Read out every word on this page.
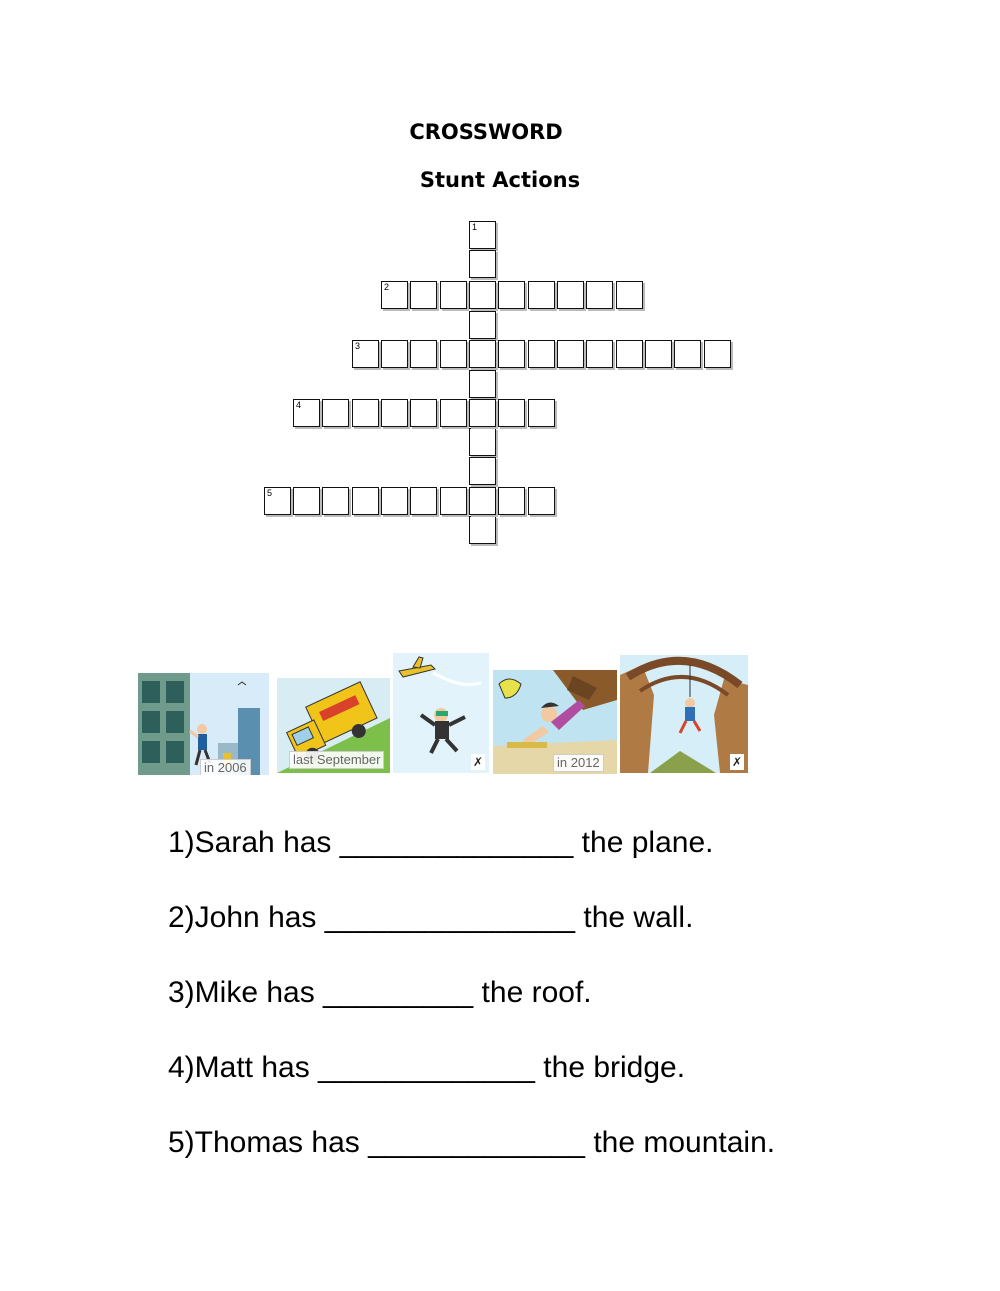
CROSSWORD
Stunt Actions
1
2
3
4
5
in 2006
last September	✗	in 2012	✗
1)Sarah has ______________ the plane.
2)John has _______________ the wall.
3)Mike has _________ the roof.
4)Matt has _____________ the bridge.
5)Thomas has _____________ the mountain.
